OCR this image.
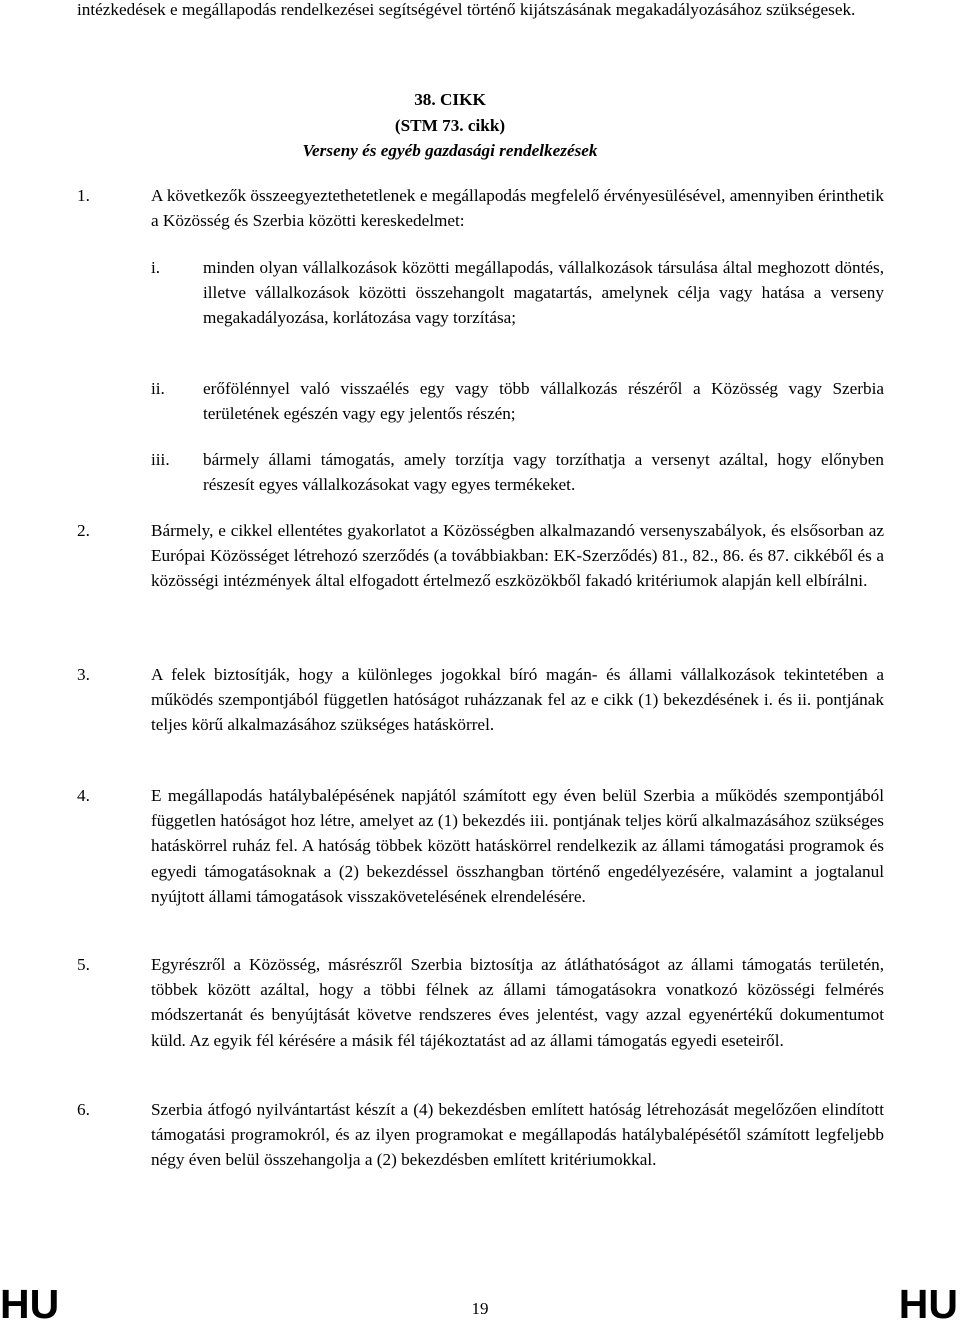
intézkedések e megállapodás rendelkezései segítségével történő kijátszásának megakadályozásához szükségesek.

38. CIKK
(STM 73. cikk)
Verseny és egyéb gazdasági rendelkezések
1.	A következők összeegyeztethetetlenek e megállapodás megfelelő érvényesülésével, amennyiben érinthetik a Közösség és Szerbia közötti kereskedelmet:

i. minden olyan vállalkozások közötti megállapodás, vállalkozások társulása által meghozott döntés, illetve vállalkozások közötti összehangolt magatartás, amelynek célja vagy hatása a verseny megakadályozása, korlátozása vagy torzítása;

ii. erőfölénnyel való visszaélés egy vagy több vállalkozás részéről a Közösség vagy Szerbia területének egészén vagy egy jelentős részén;

iii. bármely állami támogatás, amely torzítja vagy torzíthatja a versenyt azáltal, hogy előnyben részesít egyes vállalkozásokat vagy egyes termékeket.

2.	Bármely, e cikkel ellentétes gyakorlatot a Közösségben alkalmazandó versenyszabályok, és elsősorban az Európai Közösséget létrehozó szerződés (a továbbiakban: EK-Szerződés) 81., 82., 86. és 87. cikkéből és a közösségi intézmények által elfogadott értelmező eszközökből fakadó kritériumok alapján kell elbírálni.

3.	A felek biztosítják, hogy a különleges jogokkal bíró magán- és állami vállalkozások tekintetében a működés szempontjából független hatóságot ruházzanak fel az e cikk (1) bekezdésének i. és ii. pontjának teljes körű alkalmazásához szükséges hatáskörrel.

4.	E megállapodás hatálybalépésének napjától számított egy éven belül Szerbia a működés szempontjából független hatóságot hoz létre, amelyet az (1) bekezdés iii. pontjának teljes körű alkalmazásához szükséges hatáskörrel ruház fel. A hatóság többek között hatáskörrel rendelkezik az állami támogatási programok és egyedi támogatásoknak a (2) bekezdéssel összhangban történő engedélyezésére, valamint a jogtalanul nyújtott állami támogatások visszakövetelésének elrendelésére.

5.	Egyrészről a Közösség, másrészről Szerbia biztosítja az átláthatóságot az állami támogatás területén, többek között azáltal, hogy a többi félnek az állami támogatásokra vonatkozó közösségi felmérés módszertanát és benyújtását követve rendszeres éves jelentést, vagy azzal egyenértékű dokumentumot küld. Az egyik fél kérésére a másik fél tájékoztatást ad az állami támogatás egyedi eseteiről.

6.	Szerbia átfogó nyilvántartást készít a (4) bekezdésben említett hatóság létrehozását megelőzően elindított támogatási programokról, és az ilyen programokat e megállapodás hatálybalépésétől számított legfeljebb négy éven belül összehangolja a (2) bekezdésben említett kritériumokkal.

HU	19	HU
